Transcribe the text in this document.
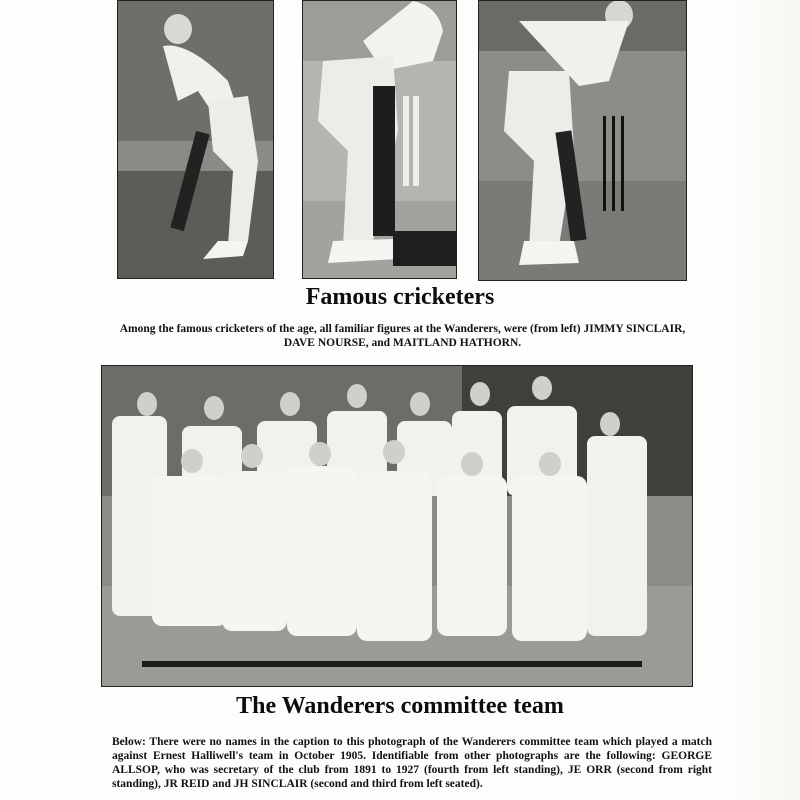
Famous cricketers
Among the famous cricketers of the age, all familiar figures at the Wanderers, were (from left) JIMMY SINCLAIR, DAVE NOURSE, and MAITLAND HATHORN.
The Wanderers committee team
Below: There were no names in the caption to this photograph of the Wanderers committee team which played a match against Ernest Halliwell's team in October 1905. Identifiable from other photographs are the following: GEORGE ALLSOP, who was secretary of the club from 1891 to 1927 (fourth from left standing), JE ORR (second from right standing), JR REID and JH SINCLAIR (second and third from left seated).
